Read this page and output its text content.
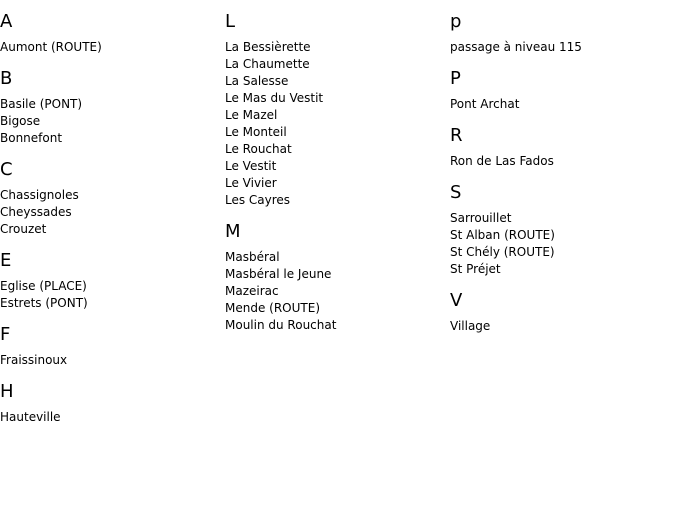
A
Aumont (ROUTE)
B
Basile (PONT)
Bigose
Bonnefont
C
Chassignoles
Cheyssades
Crouzet
E
Eglise (PLACE)
Estrets (PONT)
F
Fraissinoux
H
Hauteville
L
La Bessièrette
La Chaumette
La Salesse
Le Mas du Vestit
Le Mazel
Le Monteil
Le Rouchat
Le Vestit
Le Vivier
Les Cayres
M
Masbéral
Masbéral le Jeune
Mazeirac
Mende (ROUTE)
Moulin du Rouchat
p
passage à niveau 115
P
Pont Archat
R
Ron de Las Fados
S
Sarrouillet
St Alban (ROUTE)
St Chély (ROUTE)
St Préjet
V
Village
